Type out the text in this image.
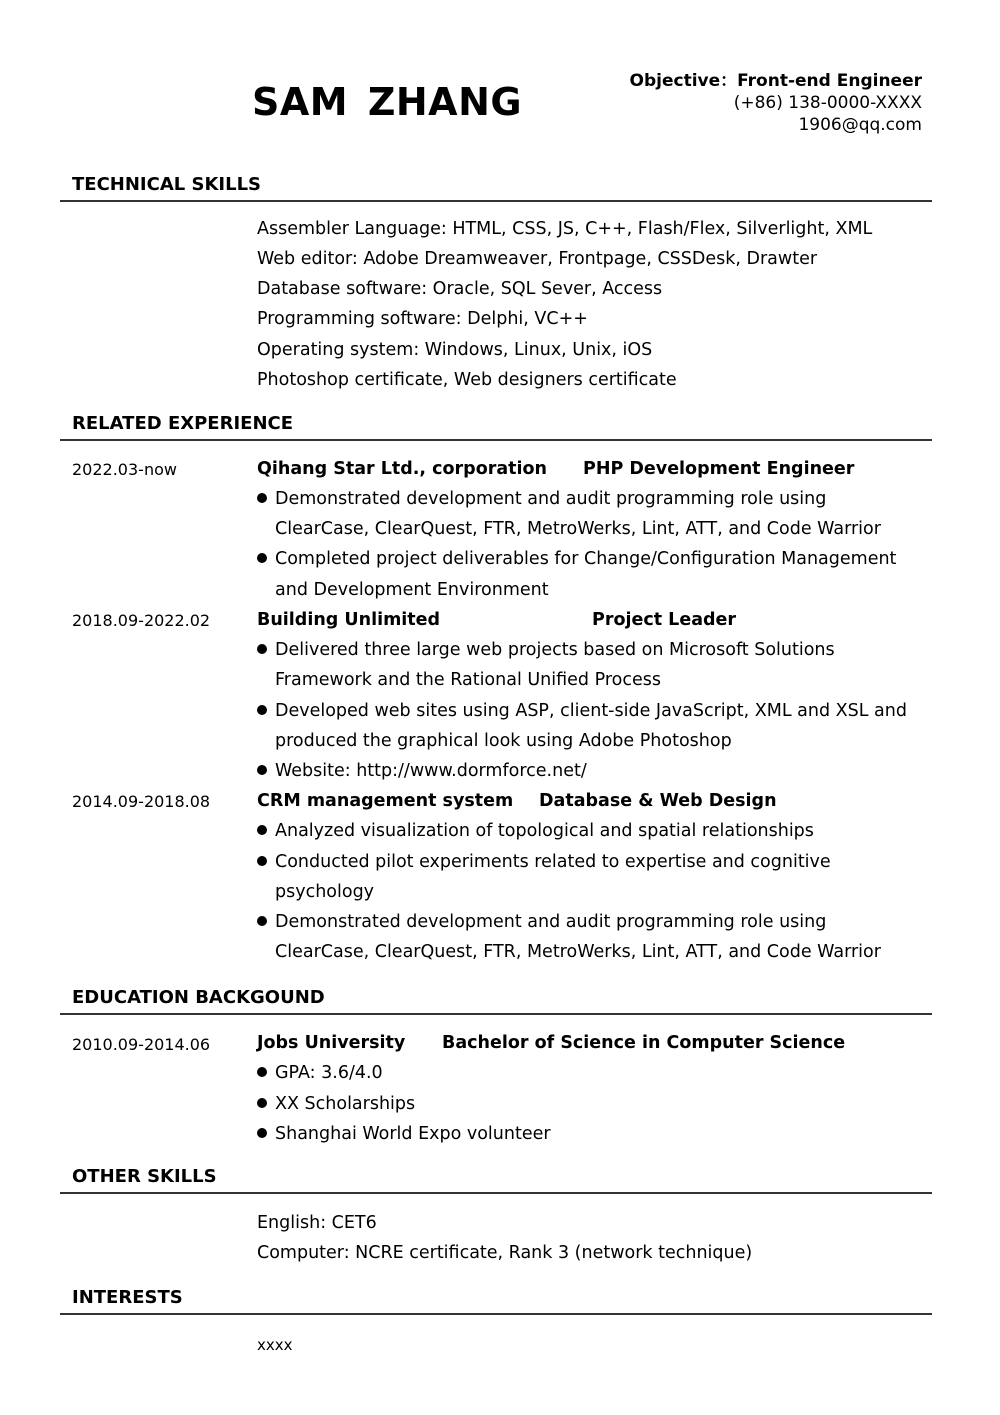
SAM ZHANG	Objective：Front-end Engineer
(+86) 138-0000-XXXX
1906@qq.com
TECHNICAL SKILLS
Assembler Language: HTML, CSS, JS, C++, Flash/Flex, Silverlight, XML
Web editor: Adobe Dreamweaver, Frontpage, CSSDesk, Drawter
Database software: Oracle, SQL Sever, Access
Programming software: Delphi, VC++
Operating system: Windows, Linux, Unix, iOS
Photoshop certificate, Web designers certificate
RELATED EXPERIENCE
2022.03-now	Qihang Star Ltd., corporation PHP Development Engineer
Demonstrated development and audit programming role using
ClearCase, ClearQuest, FTR, MetroWerks, Lint, ATT, and Code Warrior
Completed project deliverables for Change/Configuration Management
and Development Environment
2018.09-2022.02	Building Unlimited	Project Leader
Delivered three large web projects based on Microsoft Solutions
Framework and the Rational Unified Process
Developed web sites using ASP, client-side JavaScript, XML and XSL and
produced the graphical look using Adobe Photoshop
Website: http://www.dormforce.net/
2014.09-2018.08	CRM management system Database & Web Design
Analyzed visualization of topological and spatial relationships
Conducted pilot experiments related to expertise and cognitive
psychology
Demonstrated development and audit programming role using
ClearCase, ClearQuest, FTR, MetroWerks, Lint, ATT, and Code Warrior
EDUCATION BACKGOUND
2010.09-2014.06	Jobs University Bachelor of Science in Computer Science
GPA: 3.6/4.0
XX Scholarships
Shanghai World Expo volunteer
OTHER SKILLS
English: CET6
Computer: NCRE certificate, Rank 3 (network technique)
INTERESTS
xxxx
